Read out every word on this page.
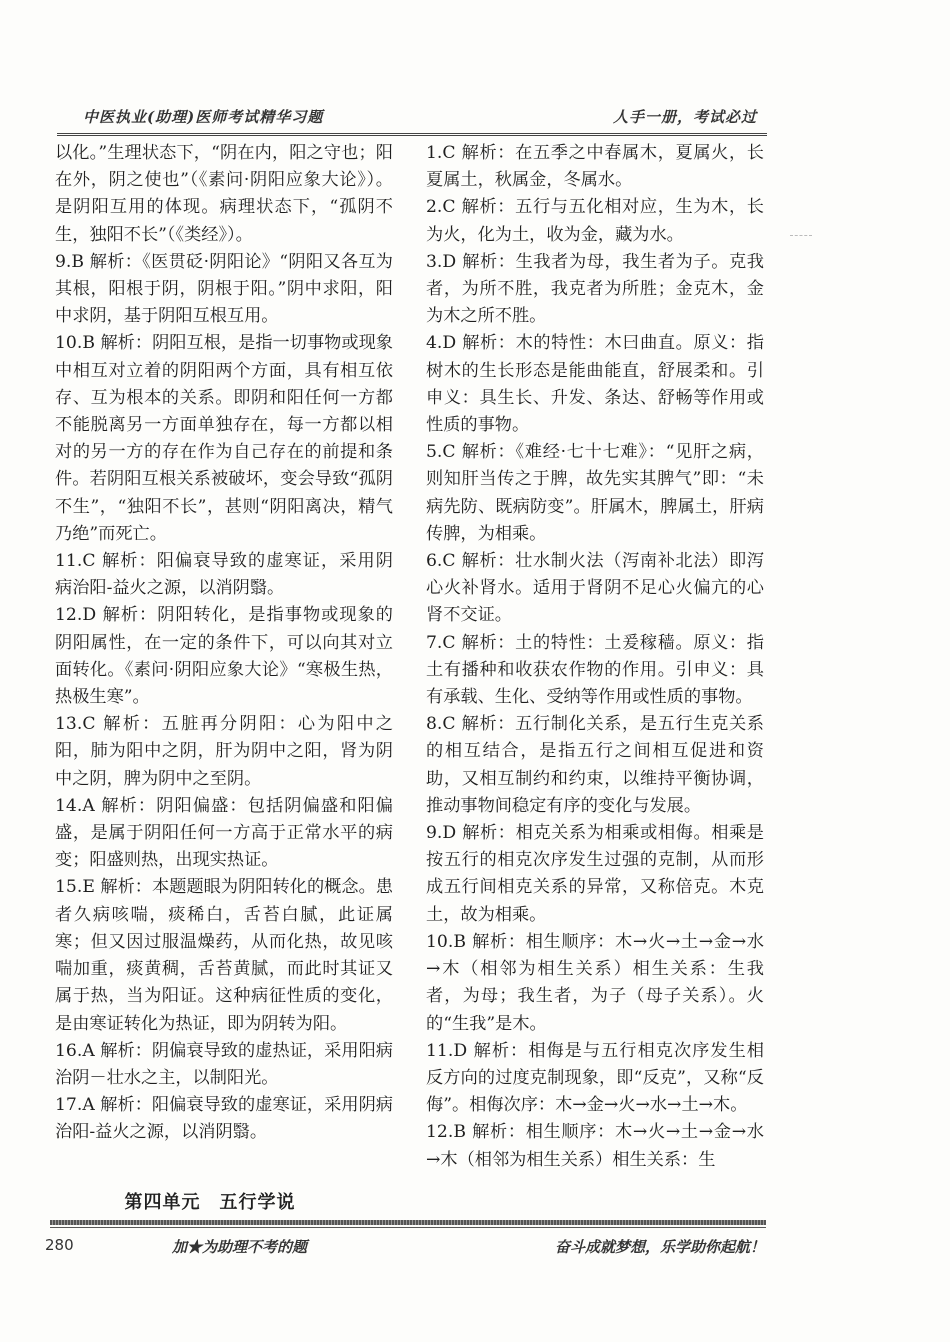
中医执业(助理)医师考试精华习题	人手一册，考试必过

以化。”生理状态下，“阴在内，阳之守也；阳在外，阴之使也”（《素问·阴阳应象大论》）。是阴阳互用的体现。病理状态下，“孤阴不生，独阳不长”（《类经》）。

9.B 解析：《医贯砭·阴阳论》“阴阳又各互为其根，阳根于阴，阴根于阳。”阴中求阳，阳中求阴，基于阴阳互根互用。

10.B 解析：阴阳互根，是指一切事物或现象中相互对立着的阴阳两个方面，具有相互依存、互为根本的关系。即阴和阳任何一方都不能脱离另一方面单独存在，每一方都以相对的另一方的存在作为自己存在的前提和条件。若阴阳互根关系被破坏，变会导致“孤阴不生”，“独阳不长”，甚则“阴阳离决，精气乃绝”而死亡。

11.C 解析：阳偏衰导致的虚寒证，采用阴病治阳-益火之源，以消阴翳。

12.D 解析：阴阳转化，是指事物或现象的阴阳属性，在一定的条件下，可以向其对立面转化。《素问·阴阳应象大论》“寒极生热，热极生寒”。

13.C 解析：五脏再分阴阳：心为阳中之阳，肺为阳中之阴，肝为阴中之阳，肾为阴中之阴，脾为阴中之至阴。

14.A 解析：阴阳偏盛：包括阴偏盛和阳偏盛，是属于阴阳任何一方高于正常水平的病变；阳盛则热，出现实热证。

15.E 解析：本题题眼为阴阳转化的概念。患者久病咳喘，痰稀白，舌苔白腻，此证属寒；但又因过服温燥药，从而化热，故见咳喘加重，痰黄稠，舌苔黄腻，而此时其证又属于热，当为阳证。这种病征性质的变化，是由寒证转化为热证，即为阴转为阳。

16.A 解析：阴偏衰导致的虚热证，采用阳病治阴－壮水之主，以制阳光。

17.A 解析：阳偏衰导致的虚寒证，采用阴病治阳-益火之源，以消阴翳。

第四单元　五行学说

1.C 解析：在五季之中春属木，夏属火，长夏属土，秋属金，冬属水。

2.C 解析：五行与五化相对应，生为木，长为火，化为土，收为金，藏为水。

3.D 解析：生我者为母，我生者为子。克我者，为所不胜，我克者为所胜；金克木，金为木之所不胜。

4.D 解析：木的特性：木曰曲直。原义：指树木的生长形态是能曲能直，舒展柔和。引申义：具生长、升发、条达、舒畅等作用或性质的事物。

5.C 解析：《难经·七十七难》：“见肝之病，则知肝当传之于脾，故先实其脾气”即：“未病先防、既病防变”。肝属木，脾属土，肝病传脾，为相乘。

6.C 解析：壮水制火法（泻南补北法）即泻心火补肾水。适用于肾阴不足心火偏亢的心肾不交证。

7.C 解析：土的特性：土爰稼穑。原义：指土有播种和收获农作物的作用。引申义：具有承载、生化、受纳等作用或性质的事物。

8.C 解析：五行制化关系，是五行生克关系的相互结合，是指五行之间相互促进和资助，又相互制约和约束，以维持平衡协调，推动事物间稳定有序的变化与发展。

9.D 解析：相克关系为相乘或相侮。相乘是按五行的相克次序发生过强的克制，从而形成五行间相克关系的异常，又称倍克。木克土，故为相乘。

10.B 解析：相生顺序：木→火→土→金→水→木（相邻为相生关系）相生关系：生我者，为母；我生者，为子（母子关系）。火的“生我”是木。

11.D 解析：相侮是与五行相克次序发生相反方向的过度克制现象，即“反克”，又称“反侮”。相侮次序：木→金→火→水→土→木。

12.B 解析：相生顺序：木→火→土→金→水→木（相邻为相生关系）相生关系：生

280	加★为助理不考的题	奋斗成就梦想，乐学助你起航！
